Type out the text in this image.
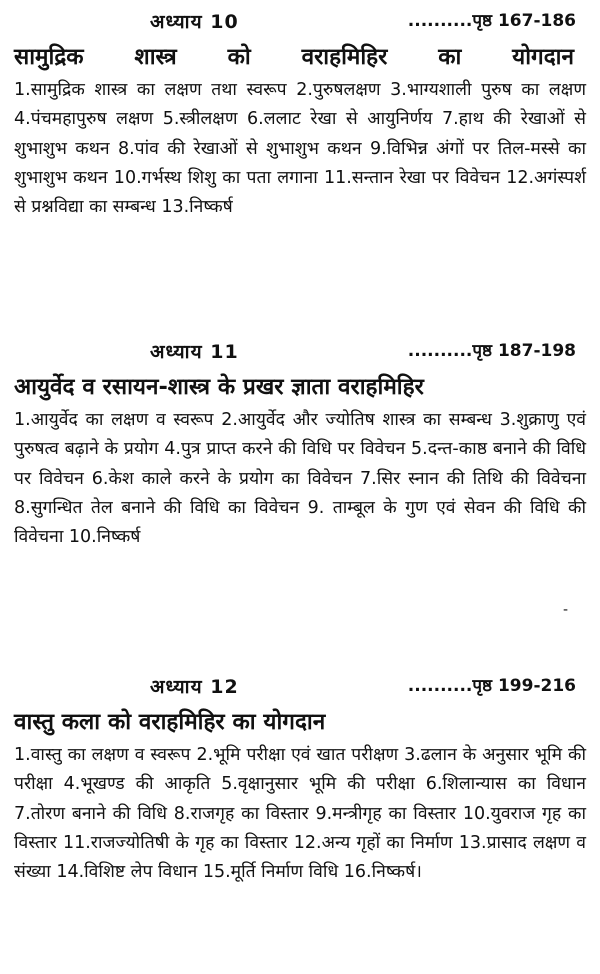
अध्याय 10	..........पृष्ठ 167-186
सामुद्रिक शास्त्र को वराहमिहिर का योगदान
1.सामुद्रिक शास्त्र का लक्षण तथा स्वरूप 2.पुरुषलक्षण 3.भाग्यशाली पुरुष का लक्षण 4.पंचमहापुरुष लक्षण 5.स्त्रीलक्षण 6.ललाट रेखा से आयुनिर्णय 7.हाथ की रेखाओं से शुभाशुभ कथन 8.पांव की रेखाओं से शुभाशुभ कथन 9.विभिन्न अंगों पर तिल-मस्से का शुभाशुभ कथन 10.गर्भस्थ शिशु का पता लगाना 11.सन्तान रेखा पर विवेचन 12.अगंस्पर्श से प्रश्नविद्या का सम्बन्ध 13.निष्कर्ष
अध्याय 11	..........पृष्ठ 187-198
आयुर्वेद व रसायन-शास्त्र के प्रखर ज्ञाता वराहमिहिर
1.आयुर्वेद का लक्षण व स्वरूप 2.आयुर्वेद और ज्योतिष शास्त्र का सम्बन्ध 3.शुक्राणु एवं पुरुषत्व बढ़ाने के प्रयोग 4.पुत्र प्राप्त करने की विधि पर विवेचन 5.दन्त-काष्ठ बनाने की विधि पर विवेचन 6.केश काले करने के प्रयोग का विवेचन 7.सिर स्नान की तिथि की विवेचना 8.सुगन्धित तेल बनाने की विधि का विवेचन 9. ताम्बूल के गुण एवं सेवन की विधि की विवेचना 10.निष्कर्ष
-
अध्याय 12	..........पृष्ठ 199-216
वास्तु कला को वराहमिहिर का योगदान
1.वास्तु का लक्षण व स्वरूप 2.भूमि परीक्षा एवं खात परीक्षण 3.ढलान के अनुसार भूमि की परीक्षा 4.भूखण्ड की आकृति 5.वृक्षानुसार भूमि की परीक्षा 6.शिलान्यास का विधान 7.तोरण बनाने की विधि 8.राजगृह का विस्तार 9.मन्त्रीगृह का विस्तार 10.युवराज गृह का विस्तार 11.राजज्योतिषी के गृह का विस्तार 12.अन्य गृहों का निर्माण 13.प्रासाद लक्षण व संख्या 14.विशिष्ट लेप विधान 15.मूर्ति निर्माण विधि 16.निष्कर्ष।
